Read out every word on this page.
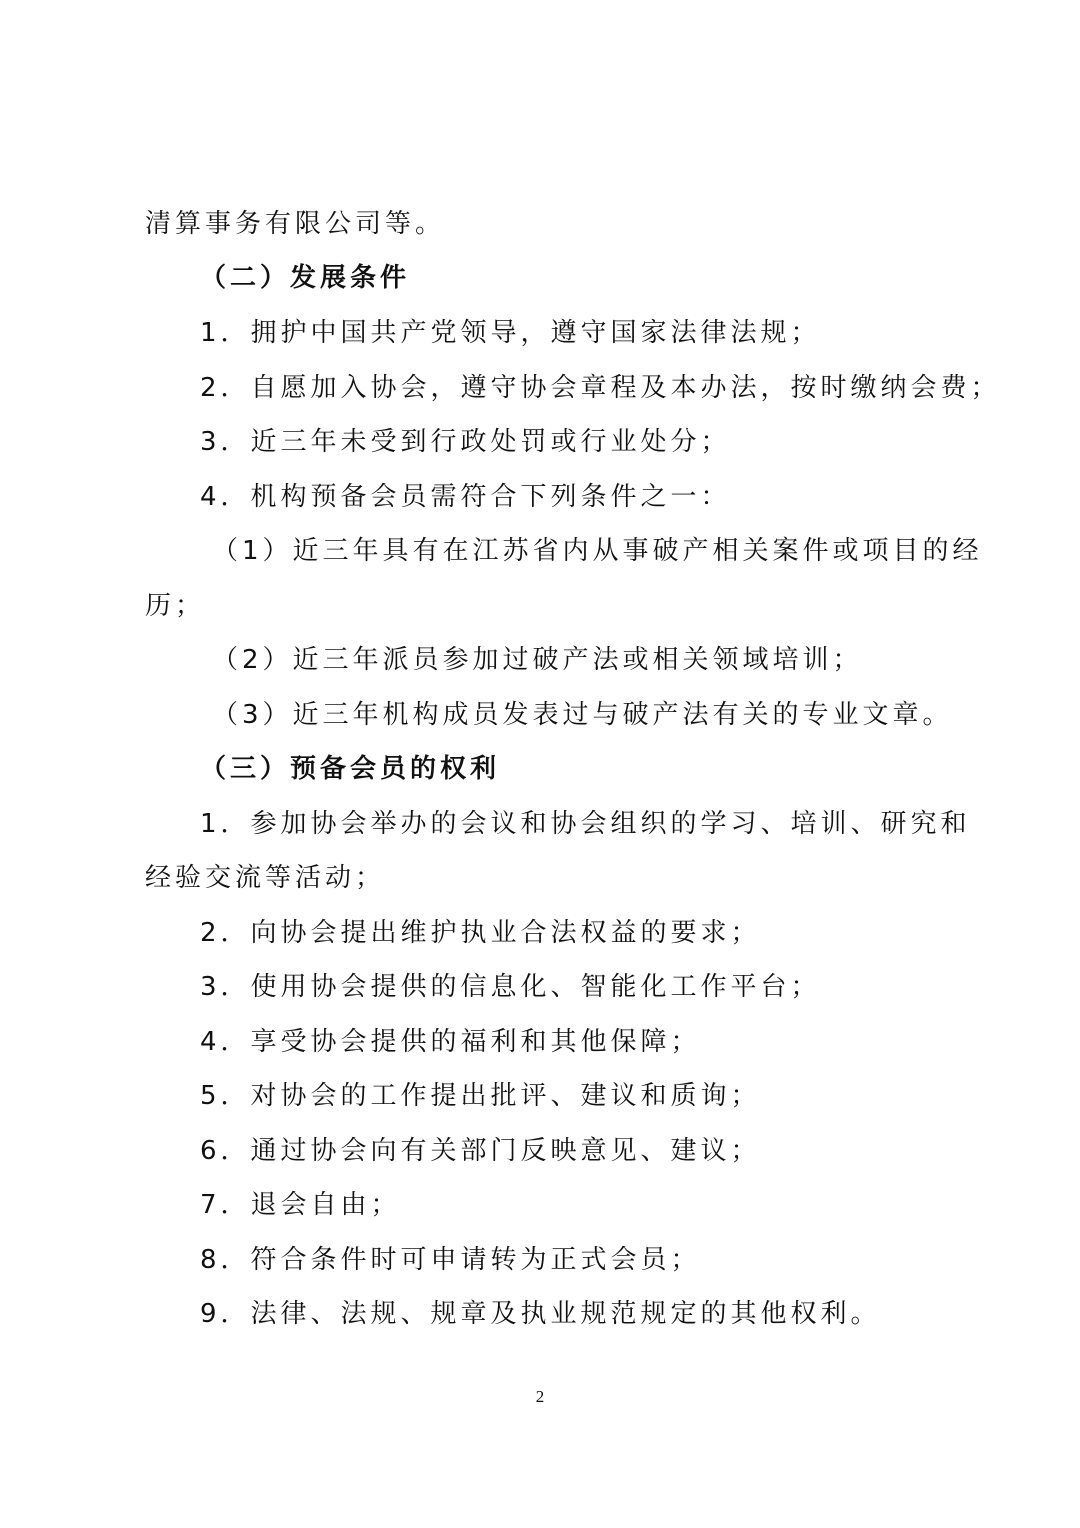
清算事务有限公司等。
（二）发展条件
1．拥护中国共产党领导，遵守国家法律法规；
2．自愿加入协会，遵守协会章程及本办法，按时缴纳会费；
3．近三年未受到行政处罚或行业处分；
4．机构预备会员需符合下列条件之一：
（1）近三年具有在江苏省内从事破产相关案件或项目的经
历；
（2）近三年派员参加过破产法或相关领域培训；
（3）近三年机构成员发表过与破产法有关的专业文章。
（三）预备会员的权利
1．参加协会举办的会议和协会组织的学习、培训、研究和
经验交流等活动；
2．向协会提出维护执业合法权益的要求；
3．使用协会提供的信息化、智能化工作平台；
4．享受协会提供的福利和其他保障；
5．对协会的工作提出批评、建议和质询；
6．通过协会向有关部门反映意见、建议；
7．退会自由；
8．符合条件时可申请转为正式会员；
9．法律、法规、规章及执业规范规定的其他权利。
2
